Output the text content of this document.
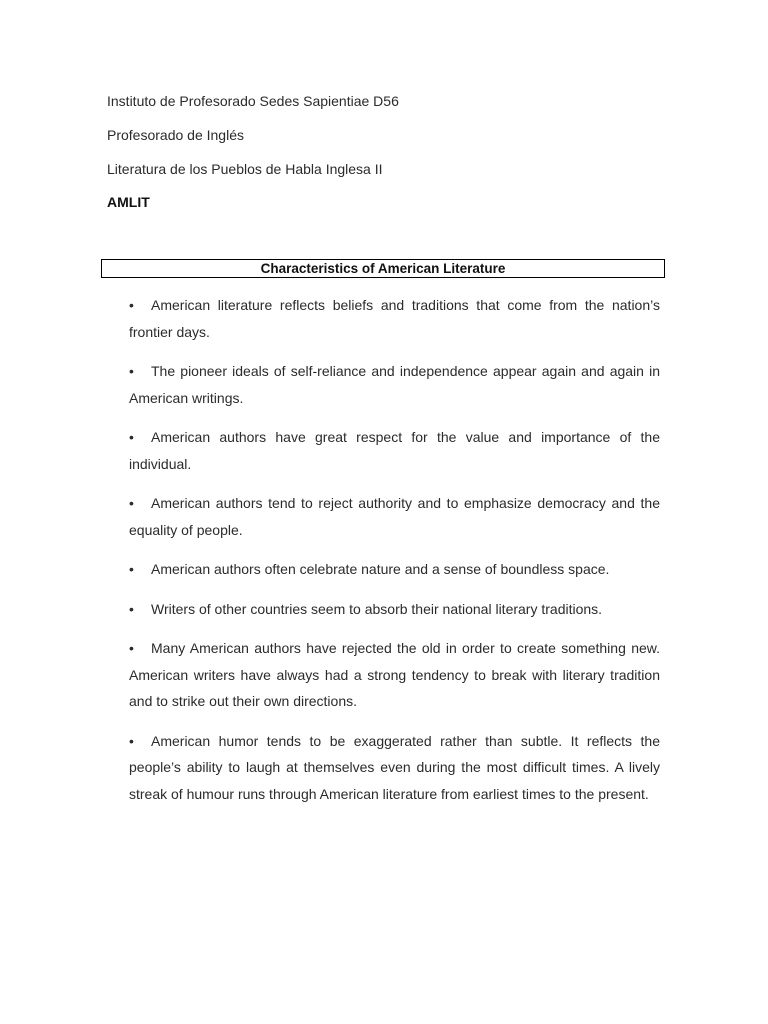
Instituto de Profesorado Sedes Sapientiae D56
Profesorado de Inglés
Literatura de los Pueblos de Habla Inglesa II
AMLIT
Characteristics of American Literature

• American literature reflects beliefs and traditions that come from the nation’s frontier days.

• The pioneer ideals of self-reliance and independence appear again and again in American writings.

• American authors have great respect for the value and importance of the individual.

• American authors tend to reject authority and to emphasize democracy and the equality of people.

• American authors often celebrate nature and a sense of boundless space.

• Writers of other countries seem to absorb their national literary traditions.

• Many American authors have rejected the old in order to create something new. American writers have always had a strong tendency to break with literary tradition and to strike out their own directions.

• American humor tends to be exaggerated rather than subtle. It reflects the people’s ability to laugh at themselves even during the most difficult times. A lively streak of humour runs through American literature from earliest times to the present.
